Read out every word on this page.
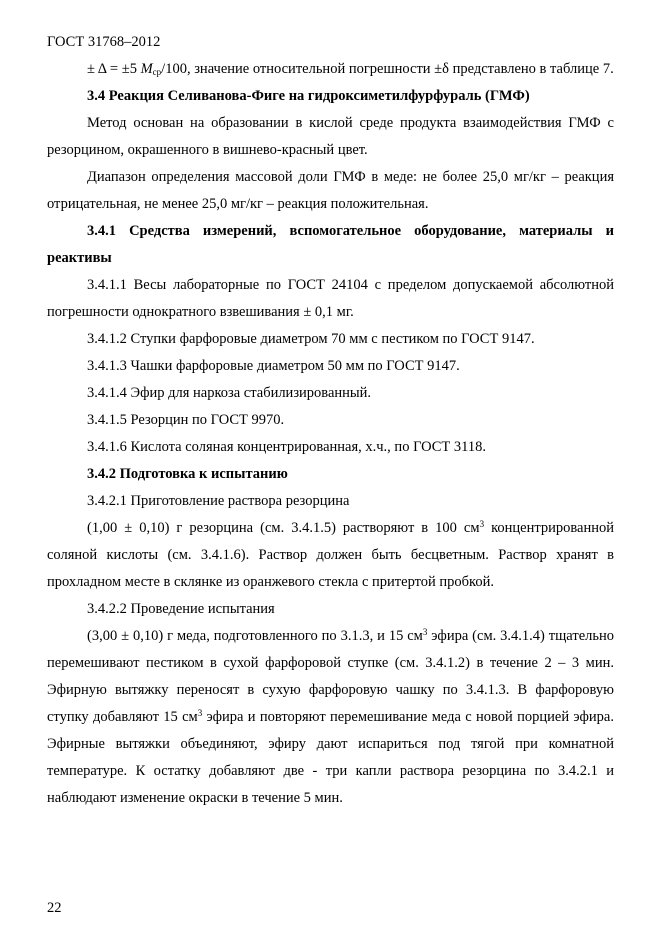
ГОСТ 31768–2012

± Δ = ±5 $M_{ср}/100$, значение относительной погрешности ±δ представлено в таблице 7.

3.4 Реакция Селиванова-Фиге на гидроксиметилфурфураль (ГМФ)

Метод основан на образовании в кислой среде продукта взаимодействия ГМФ с резорцином, окрашенного в вишнево-красный цвет.

Диапазон определения массовой доли ГМФ в меде: не более 25,0 мг/кг – реакция отрицательная, не менее 25,0 мг/кг – реакция положительная.

3.4.1 Средства измерений, вспомогательное оборудование, материалы и реактивы

3.4.1.1 Весы лабораторные по ГОСТ 24104 с пределом допускаемой абсолютной погрешности однократного взвешивания ± 0,1 мг.

3.4.1.2 Ступки фарфоровые диаметром 70 мм с пестиком по ГОСТ 9147.

3.4.1.3 Чашки фарфоровые диаметром 50 мм по ГОСТ 9147.

3.4.1.4 Эфир для наркоза стабилизированный.

3.4.1.5 Резорцин по ГОСТ 9970.

3.4.1.6 Кислота соляная концентрированная, х.ч., по ГОСТ 3118.

3.4.2 Подготовка к испытанию

3.4.2.1 Приготовление раствора резорцина

(1,00 ± 0,10) г резорцина (см. 3.4.1.5) растворяют в 100 $см^3$ концентрированной соляной кислоты (см. 3.4.1.6). Раствор должен быть бесцветным. Раствор хранят в прохладном месте в склянке из оранжевого стекла с притертой пробкой.

3.4.2.2 Проведение испытания

(3,00 ± 0,10) г меда, подготовленного по 3.1.3, и 15 $см^3$ эфира (см. 3.4.1.4) тщательно перемешивают пестиком в сухой фарфоровой ступке (см. 3.4.1.2) в течение 2 – 3 мин. Эфирную вытяжку переносят в сухую фарфоровую чашку по 3.4.1.3. В фарфоровую ступку добавляют 15 $см^3$ эфира и повторяют перемешивание меда с новой порцией эфира. Эфирные вытяжки объединяют, эфиру дают испариться под тягой при комнатной температуре. К остатку добавляют две - три капли раствора резорцина по 3.4.2.1 и наблюдают изменение окраски в течение 5 мин.

22
